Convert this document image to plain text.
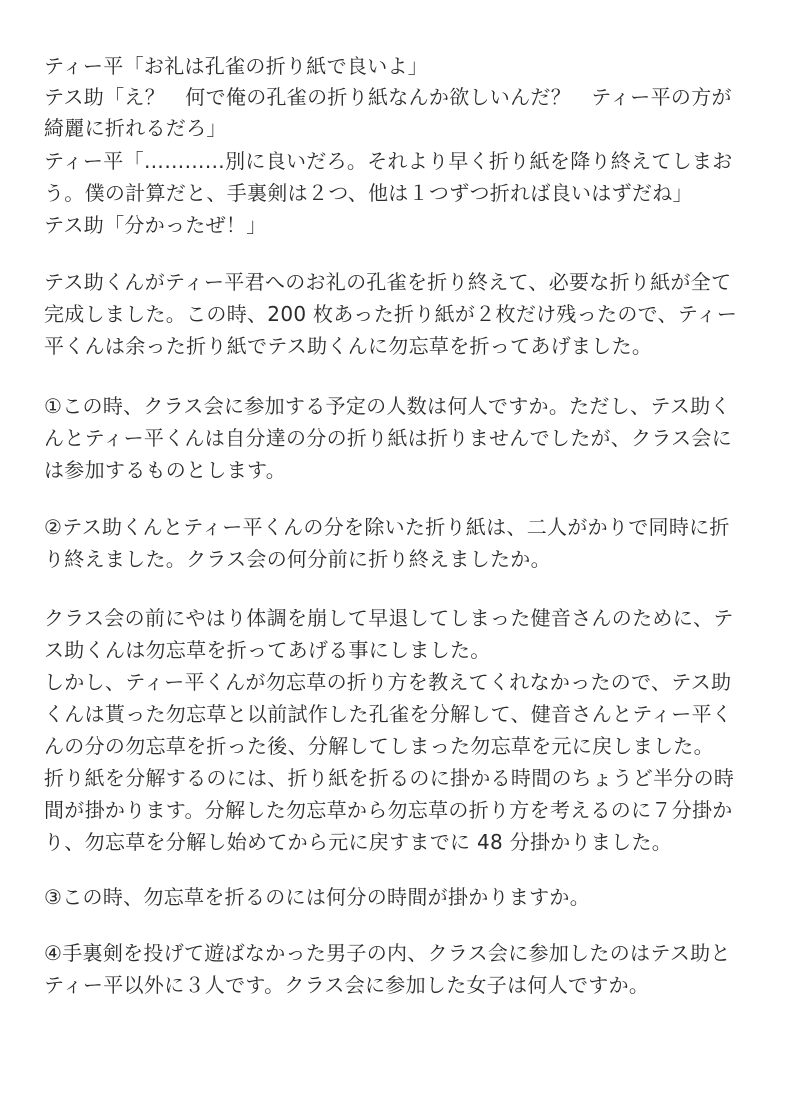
ティー平「お礼は孔雀の折り紙で良いよ」
テス助「え？　何で俺の孔雀の折り紙なんか欲しいんだ？　ティー平の方が
綺麗に折れるだろ」
ティー平「…………別に良いだろ。それより早く折り紙を降り終えてしまお
う。僕の計算だと、手裏剣は２つ、他は１つずつ折れば良いはずだね」
テス助「分かったぜ！」
テス助くんがティー平君へのお礼の孔雀を折り終えて、必要な折り紙が全て
完成しました。この時、200 枚あった折り紙が２枚だけ残ったので、ティー
平くんは余った折り紙でテス助くんに勿忘草を折ってあげました。
①この時、クラス会に参加する予定の人数は何人ですか。ただし、テス助く
んとティー平くんは自分達の分の折り紙は折りませんでしたが、クラス会に
は参加するものとします。
②テス助くんとティー平くんの分を除いた折り紙は、二人がかりで同時に折
り終えました。クラス会の何分前に折り終えましたか。
クラス会の前にやはり体調を崩して早退してしまった健音さんのために、テ
ス助くんは勿忘草を折ってあげる事にしました。
しかし、ティー平くんが勿忘草の折り方を教えてくれなかったので、テス助
くんは貰った勿忘草と以前試作した孔雀を分解して、健音さんとティー平く
んの分の勿忘草を折った後、分解してしまった勿忘草を元に戻しました。
折り紙を分解するのには、折り紙を折るのに掛かる時間のちょうど半分の時
間が掛かります。分解した勿忘草から勿忘草の折り方を考えるのに７分掛か
り、勿忘草を分解し始めてから元に戻すまでに 48 分掛かりました。
③この時、勿忘草を折るのには何分の時間が掛かりますか。
④手裏剣を投げて遊ばなかった男子の内、クラス会に参加したのはテス助と
ティー平以外に３人です。クラス会に参加した女子は何人ですか。
